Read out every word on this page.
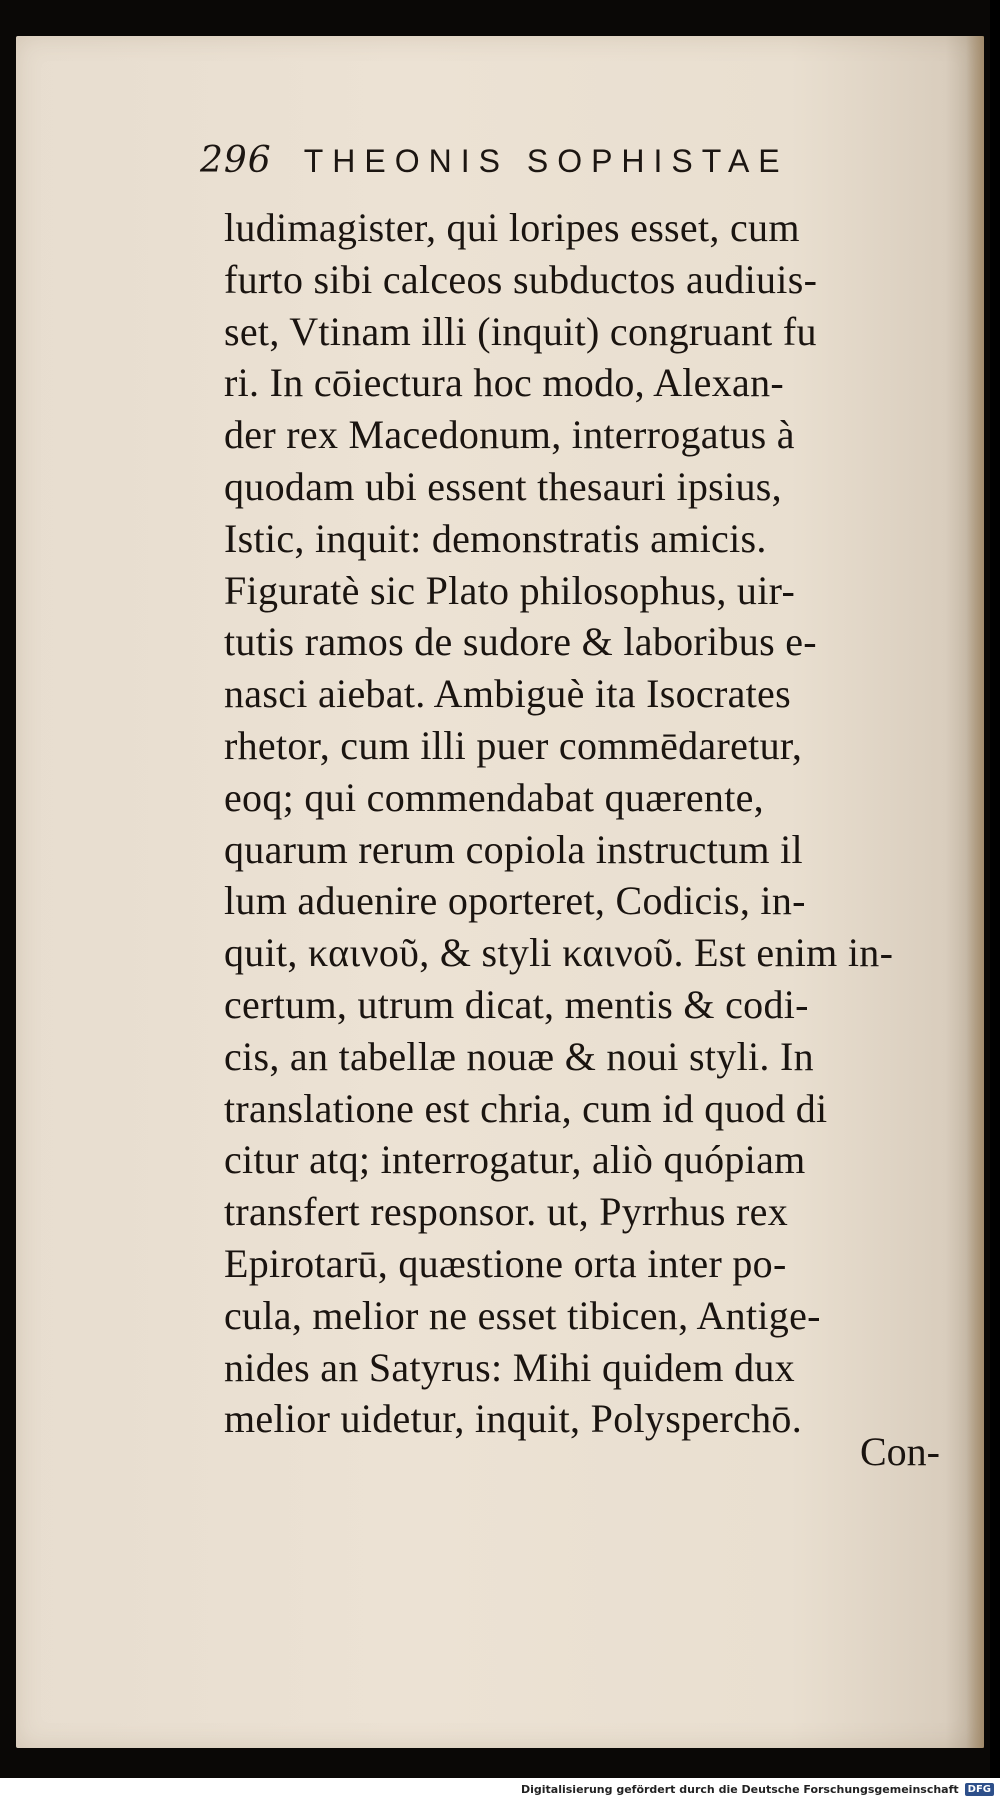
296 THEONIS SOPHISTAE
ludimagister, qui loripes esset, cum
furto sibi calceos subductos audiuis-
set, Vtinam illi (inquit) congruant fu
ri. In cōiectura hoc modo, Alexan-
der rex Macedonum, interrogatus à
quodam ubi essent thesauri ipsius,
Istic, inquit: demonstratis amicis.
Figuratè sic Plato philosophus, uir-
tutis ramos de sudore & laboribus e-
nasci aiebat. Ambiguè ita Isocrates
rhetor, cum illi puer commēdaretur,
eoq; qui commendabat quærente,
quarum rerum copiola instructum il
lum aduenire oporteret, Codicis, in-
quit, καινοῦ, & styli καινοῦ. Est enim in-
certum, utrum dicat, mentis & codi-
cis, an tabellæ nouæ & noui styli. In
translatione est chria, cum id quod di
citur atq; interrogatur, aliò quópiam
transfert responsor. ut, Pyrrhus rex
Epirotarū, quæstione orta inter po-
cula, melior ne esset tibicen, Antige-
nides an Satyrus: Mihi quidem dux
melior uidetur, inquit, Polysperchō.
Con-
Digitalisierung gefördert durch die Deutsche Forschungsgemeinschaft DFG
